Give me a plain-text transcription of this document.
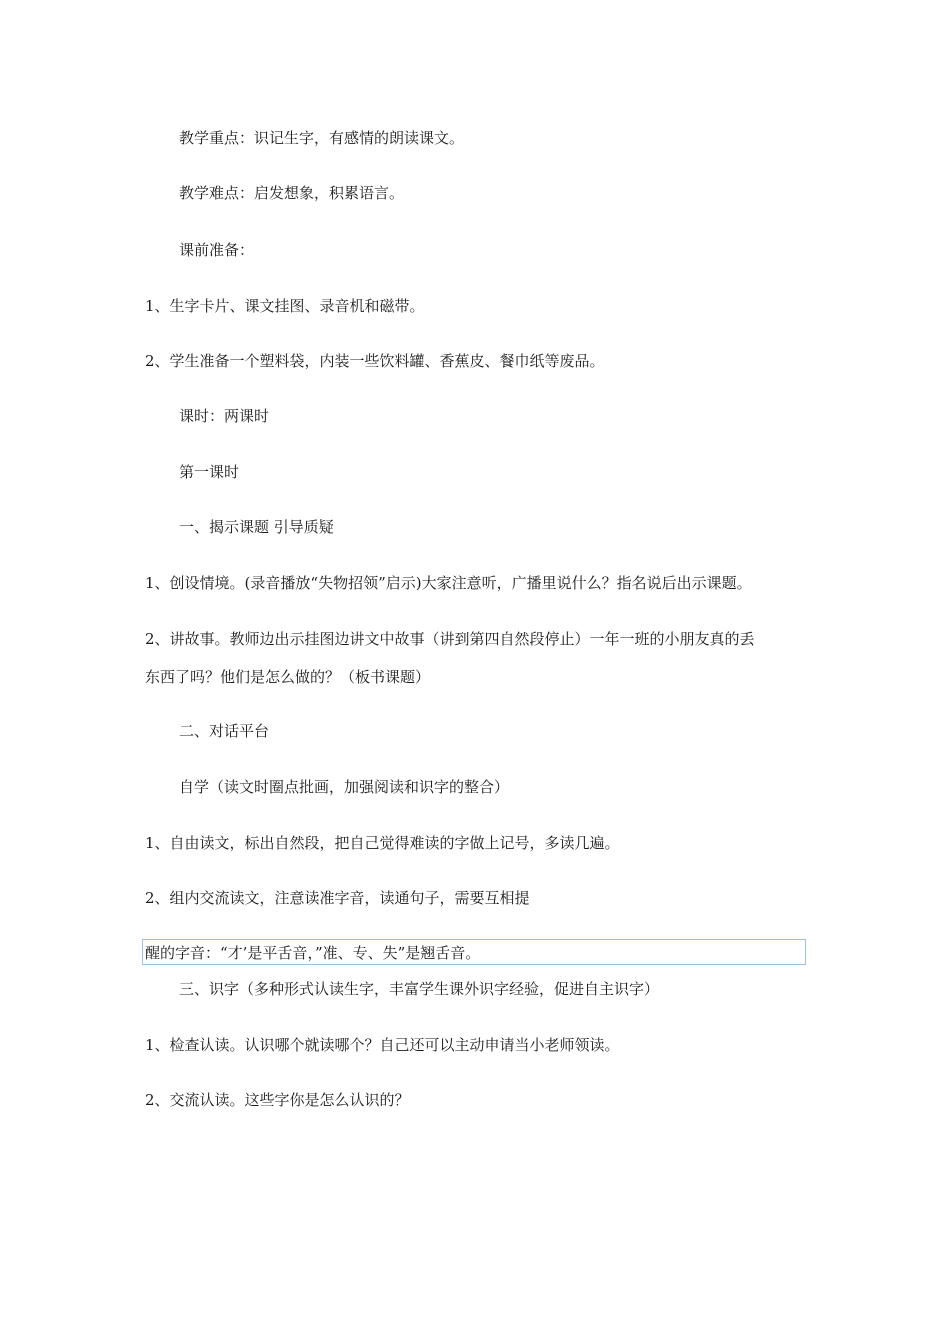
教学重点：识记生字，有感情的朗读课文。
教学难点：启发想象，积累语言。
课前准备：
1、生字卡片、课文挂图、录音机和磁带。
2、学生准备一个塑料袋，内装一些饮料罐、香蕉皮、餐巾纸等废品。
课时：两课时
第一课时
一、揭示课题 引导质疑
1、创设情境。(录音播放“失物招领”启示)大家注意听，广播里说什么？指名说后出示课题。
2、讲故事。教师边出示挂图边讲文中故事（讲到第四自然段停止）一年一班的小朋友真的丢
东西了吗？他们是怎么做的？（板书课题）
二、对话平台
自学（读文时圈点批画，加强阅读和识字的整合）
1、自由读文，标出自然段，把自己觉得难读的字做上记号，多读几遍。
2、组内交流读文，注意读准字音，读通句子，需要互相提
醒的字音：“才’是平舌音，”准、专、失”是翘舌音。
三、识字（多种形式认读生字，丰富学生课外识字经验，促进自主识字）
1、检查认读。认识哪个就读哪个？自己还可以主动申请当小老师领读。
2、交流认读。这些字你是怎么认识的？
